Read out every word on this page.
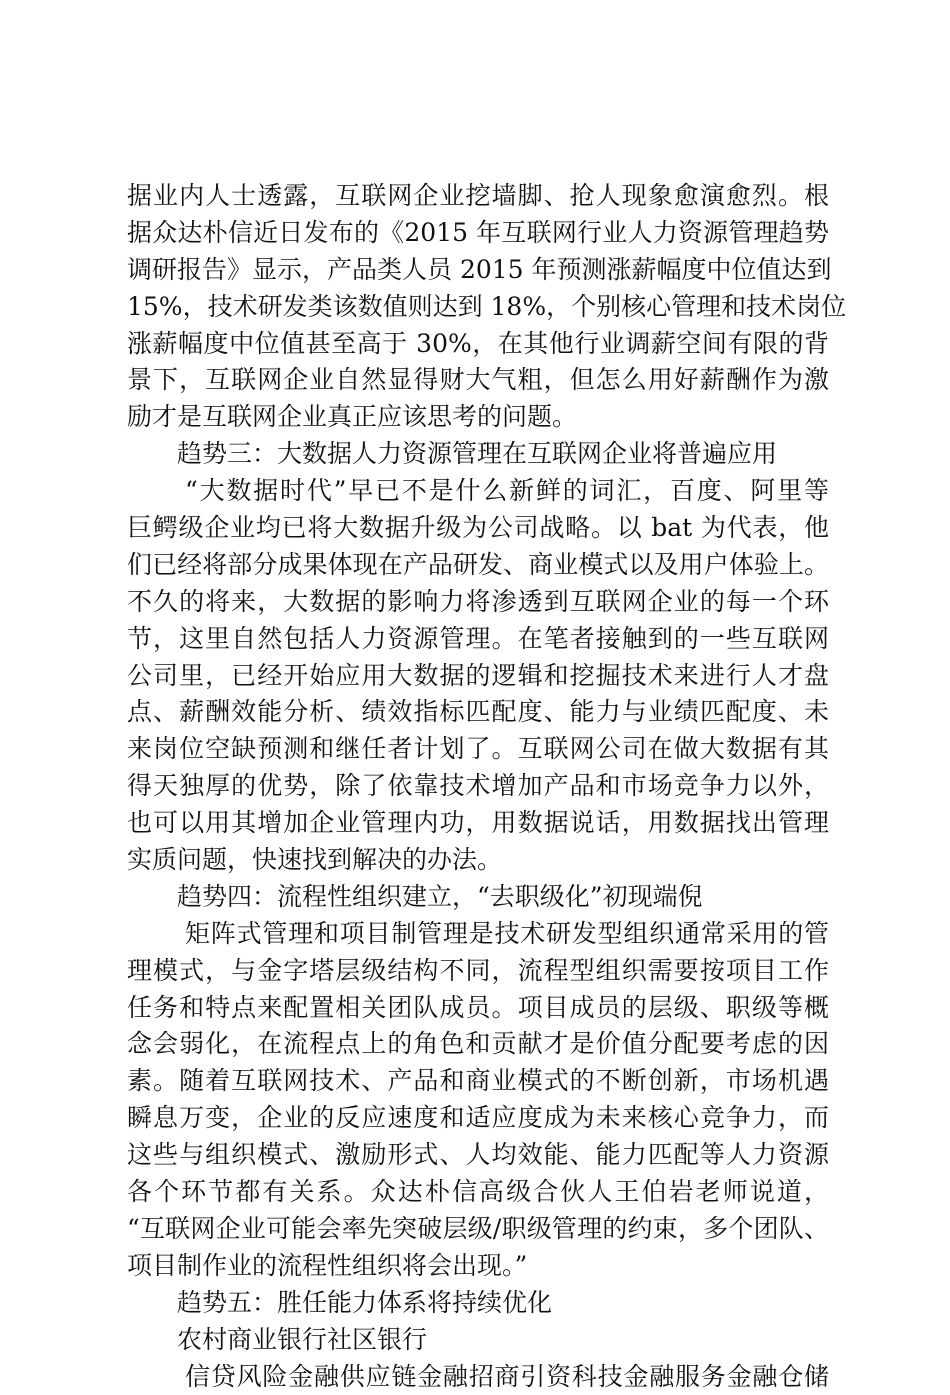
据业内人士透露，互联网企业挖墙脚、抢人现象愈演愈烈。根
据众达朴信近日发布的《2015 年互联网行业人力资源管理趋势
调研报告》显示，产品类人员 2015 年预测涨薪幅度中位值达到
15%，技术研发类该数值则达到 18%，个别核心管理和技术岗位
涨薪幅度中位值甚至高于 30%，在其他行业调薪空间有限的背
景下，互联网企业自然显得财大气粗，但怎么用好薪酬作为激
励才是互联网企业真正应该思考的问题。
趋势三：大数据人力资源管理在互联网企业将普遍应用
“大数据时代”早已不是什么新鲜的词汇，百度、阿里等
巨鳄级企业均已将大数据升级为公司战略。以 bat 为代表，他
们已经将部分成果体现在产品研发、商业模式以及用户体验上。
不久的将来，大数据的影响力将渗透到互联网企业的每一个环
节，这里自然包括人力资源管理。在笔者接触到的一些互联网
公司里，已经开始应用大数据的逻辑和挖掘技术来进行人才盘
点、薪酬效能分析、绩效指标匹配度、能力与业绩匹配度、未
来岗位空缺预测和继任者计划了。互联网公司在做大数据有其
得天独厚的优势，除了依靠技术增加产品和市场竞争力以外，
也可以用其增加企业管理内功，用数据说话，用数据找出管理
实质问题，快速找到解决的办法。
趋势四：流程性组织建立，“去职级化”初现端倪
矩阵式管理和项目制管理是技术研发型组织通常采用的管
理模式，与金字塔层级结构不同，流程型组织需要按项目工作
任务和特点来配置相关团队成员。项目成员的层级、职级等概
念会弱化，在流程点上的角色和贡献才是价值分配要考虑的因
素。随着互联网技术、产品和商业模式的不断创新，市场机遇
瞬息万变，企业的反应速度和适应度成为未来核心竞争力，而
这些与组织模式、激励形式、人均效能、能力匹配等人力资源
各个环节都有关系。众达朴信高级合伙人王伯岩老师说道，
“互联网企业可能会率先突破层级/职级管理的约束，多个团队、
项目制作业的流程性组织将会出现。”
趋势五：胜任能力体系将持续优化
农村商业银行社区银行
信贷风险金融供应链金融招商引资科技金融服务金融仓储
